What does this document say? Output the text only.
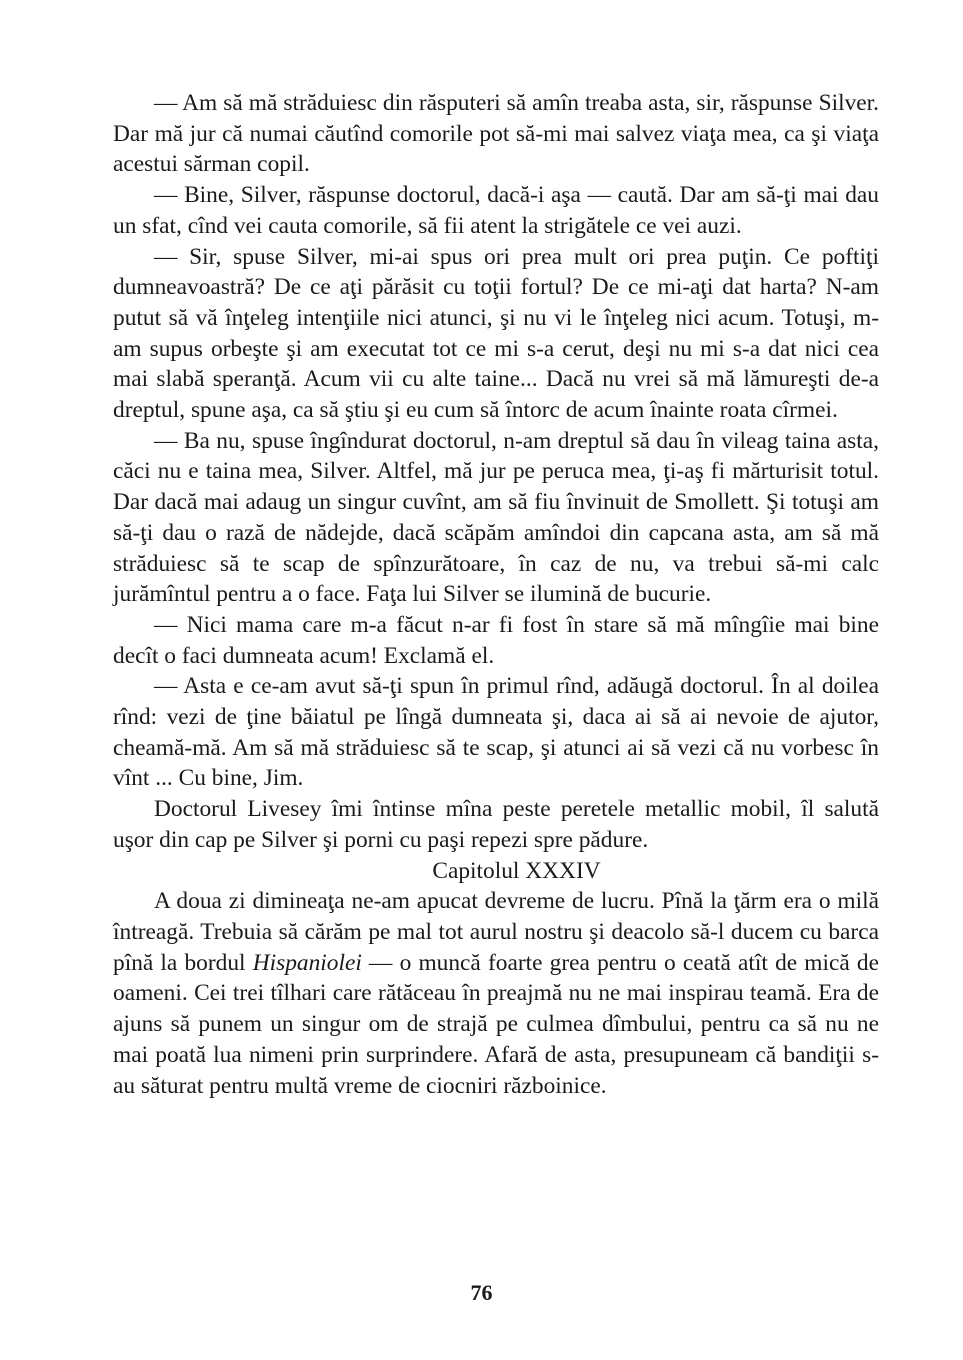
— Am să mă străduiesc din răsputeri să amîn treaba asta, sir, răspunse Silver. Dar mă jur că numai căutînd comorile pot să-mi mai salvez viaţa mea, ca şi viaţa acestui sărman copil.

— Bine, Silver, răspunse doctorul, dacă-i aşa — caută. Dar am să-ţi mai dau un sfat, cînd vei cauta comorile, să fii atent la strigătele ce vei auzi.

— Sir, spuse Silver, mi-ai spus ori prea mult ori prea puţin. Ce poftiţi dumneavoastră? De ce aţi părăsit cu toţii fortul? De ce mi-aţi dat harta? N-am putut să vă înţeleg intenţiile nici atunci, şi nu vi le înţeleg nici acum. Totuşi, m-am supus orbeşte şi am executat tot ce mi s-a cerut, deşi nu mi s-a dat nici cea mai slabă speranţă. Acum vii cu alte taine... Dacă nu vrei să mă lămureşti de-a dreptul, spune aşa, ca să ştiu şi eu cum să întorc de acum înainte roata cîrmei.

— Ba nu, spuse îngîndurat doctorul, n-am dreptul să dau în vileag taina asta, căci nu e taina mea, Silver. Altfel, mă jur pe peruca mea, ţi-aş fi mărturisit totul. Dar dacă mai adaug un singur cuvînt, am să fiu învinuit de Smollett. Şi totuşi am să-ţi dau o rază de nădejde, dacă scăpăm amîndoi din capcana asta, am să mă străduiesc să te scap de spînzurătoare, în caz de nu, va trebui să-mi calc jurămîntul pentru a o face. Faţa lui Silver se ilumină de bucurie.

— Nici mama care m-a făcut n-ar fi fost în stare să mă mîngîie mai bine decît o faci dumneata acum! Exclamă el.

— Asta e ce-am avut să-ţi spun în primul rînd, adăugă doctorul. În al doilea rînd: vezi de ţine băiatul pe lîngă dumneata şi, daca ai să ai nevoie de ajutor, cheamă-mă. Am să mă străduiesc să te scap, şi atunci ai să vezi că nu vorbesc în vînt ... Cu bine, Jim.

Doctorul Livesey îmi întinse mîna peste peretele metallic mobil, îl salută uşor din cap pe Silver şi porni cu paşi repezi spre pădure.

Capitolul XXXIV

A doua zi dimineaţa ne-am apucat devreme de lucru. Pînă la ţărm era o milă întreagă. Trebuia să cărăm pe mal tot aurul nostru şi deacolo să-l ducem cu barca pînă la bordul Hispaniolei — o muncă foarte grea pentru o ceată atît de mică de oameni. Cei trei tîlhari care rătăceau în preajmă nu ne mai inspirau teamă. Era de ajuns să punem un singur om de strajă pe culmea dîmbului, pentru ca să nu ne mai poată lua nimeni prin surprindere. Afară de asta, presupuneam că bandiţii s-au săturat pentru multă vreme de ciocniri războinice.

76
